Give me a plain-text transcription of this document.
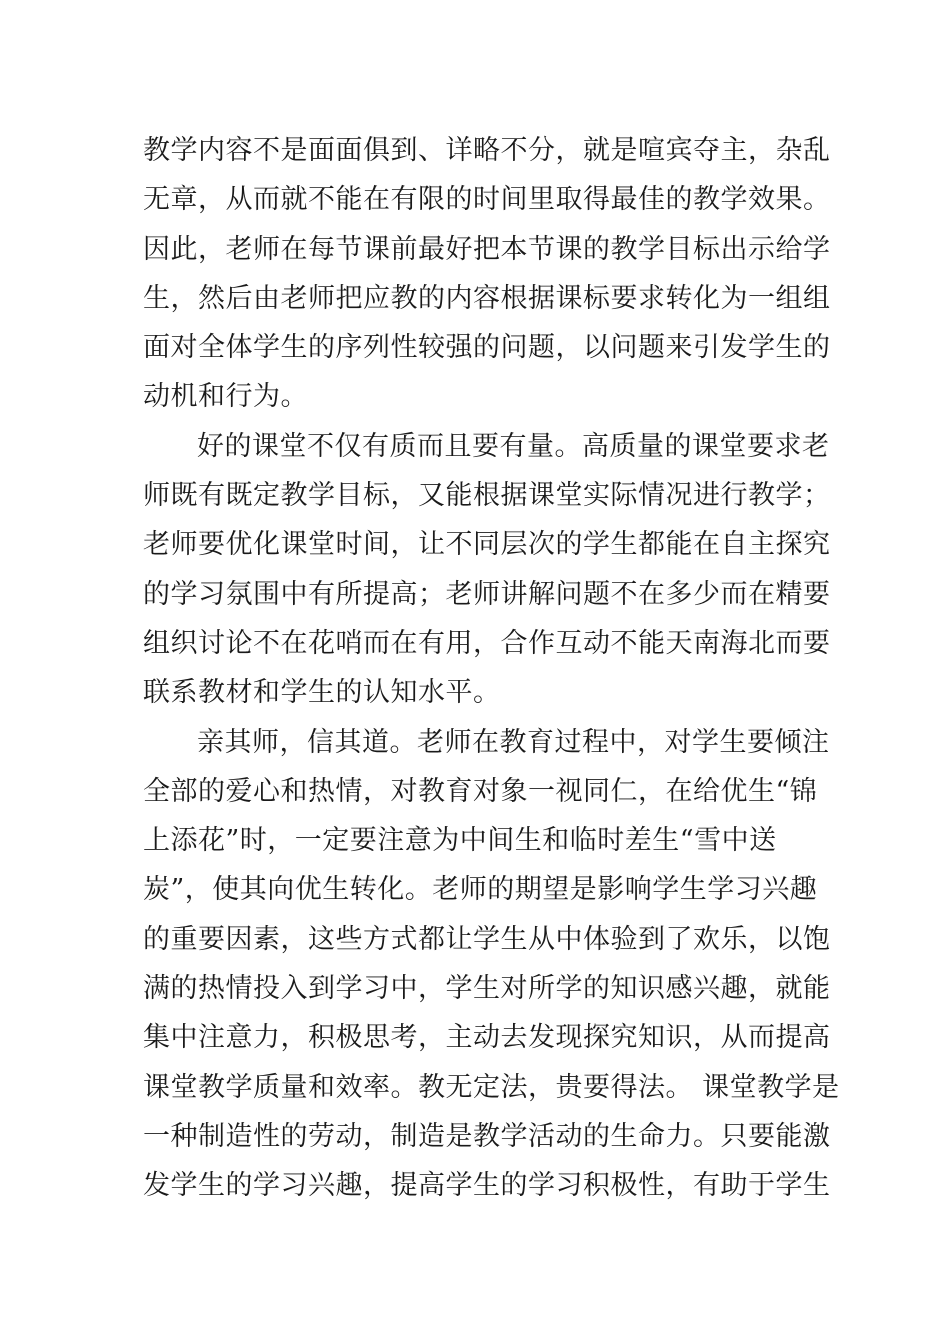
教学内容不是面面俱到、详略不分，就是喧宾夺主，杂乱
无章，从而就不能在有限的时间里取得最佳的教学效果。
因此，老师在每节课前最好把本节课的教学目标出示给学
生，然后由老师把应教的内容根据课标要求转化为一组组
面对全体学生的序列性较强的问题，以问题来引发学生的
动机和行为。
好的课堂不仅有质而且要有量。高质量的课堂要求老
师既有既定教学目标，又能根据课堂实际情况进行教学；
老师要优化课堂时间，让不同层次的学生都能在自主探究
的学习氛围中有所提高；老师讲解问题不在多少而在精要
组织讨论不在花哨而在有用，合作互动不能天南海北而要
联系教材和学生的认知水平。
亲其师，信其道。老师在教育过程中，对学生要倾注
全部的爱心和热情，对教育对象一视同仁，在给优生“锦
上添花”时，一定要注意为中间生和临时差生“雪中送
炭”，使其向优生转化。老师的期望是影响学生学习兴趣
的重要因素，这些方式都让学生从中体验到了欢乐，以饱
满的热情投入到学习中，学生对所学的知识感兴趣，就能
集中注意力，积极思考，主动去发现探究知识，从而提高
课堂教学质量和效率。教无定法，贵要得法。 课堂教学是
一种制造性的劳动，制造是教学活动的生命力。只要能激
发学生的学习兴趣，提高学生的学习积极性，有助于学生
